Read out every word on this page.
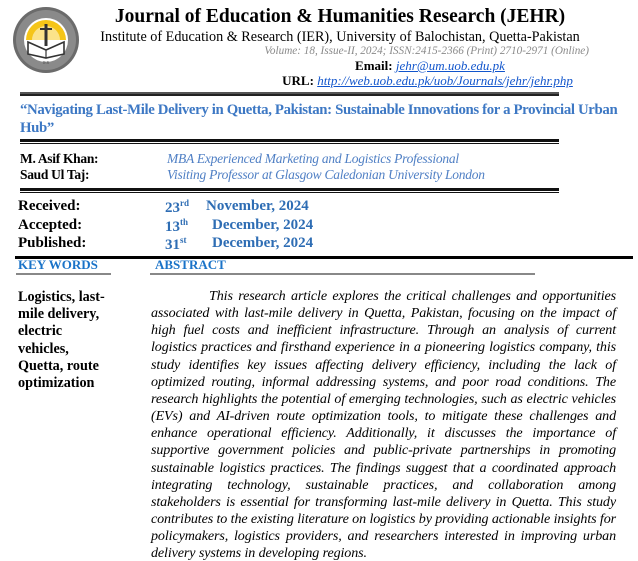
IER
Journal of Education & Humanities Research (JEHR)
Institute of Education & Research (IER), University of Balochistan, Quetta-Pakistan
Volume: 18, Issue-II, 2024; ISSN:2415-2366 (Print) 2710-2971 (Online)
Email: jehr@um.uob.edu.pk
URL: http://web.uob.edu.pk/uob/Journals/jehr/jehr.php
“Navigating Last-Mile Delivery in Quetta, Pakistan: Sustainable Innovations for a Provincial Urban
Hub”
M. Asif Khan:	MBA Experienced Marketing and Logistics Professional
Saud Ul Taj:	Visiting Professor at Glasgow Caledonian University London
Received:	23rd November, 2024
Accepted:	13th December, 2024
Published:	31st December, 2024
KEY WORDS	ABSTRACT
Logistics, last-
mile delivery,
electric
vehicles,
Quetta, route
optimization
This research article explores the critical challenges and opportunities associated with last-mile delivery in Quetta, Pakistan, focusing on the impact of high fuel costs and inefficient infrastructure. Through an analysis of current logistics practices and firsthand experience in a pioneering logistics company, this study identifies key issues affecting delivery efficiency, including the lack of optimized routing, informal addressing systems, and poor road conditions. The research highlights the potential of emerging technologies, such as electric vehicles (EVs) and AI-driven route optimization tools, to mitigate these challenges and enhance operational efficiency. Additionally, it discusses the importance of supportive government policies and public-private partnerships in promoting sustainable logistics practices. The findings suggest that a coordinated approach integrating technology, sustainable practices, and collaboration among stakeholders is essential for transforming last-mile delivery in Quetta. This study contributes to the existing literature on logistics by providing actionable insights for policymakers, logistics providers, and researchers interested in improving urban delivery systems in developing regions.
